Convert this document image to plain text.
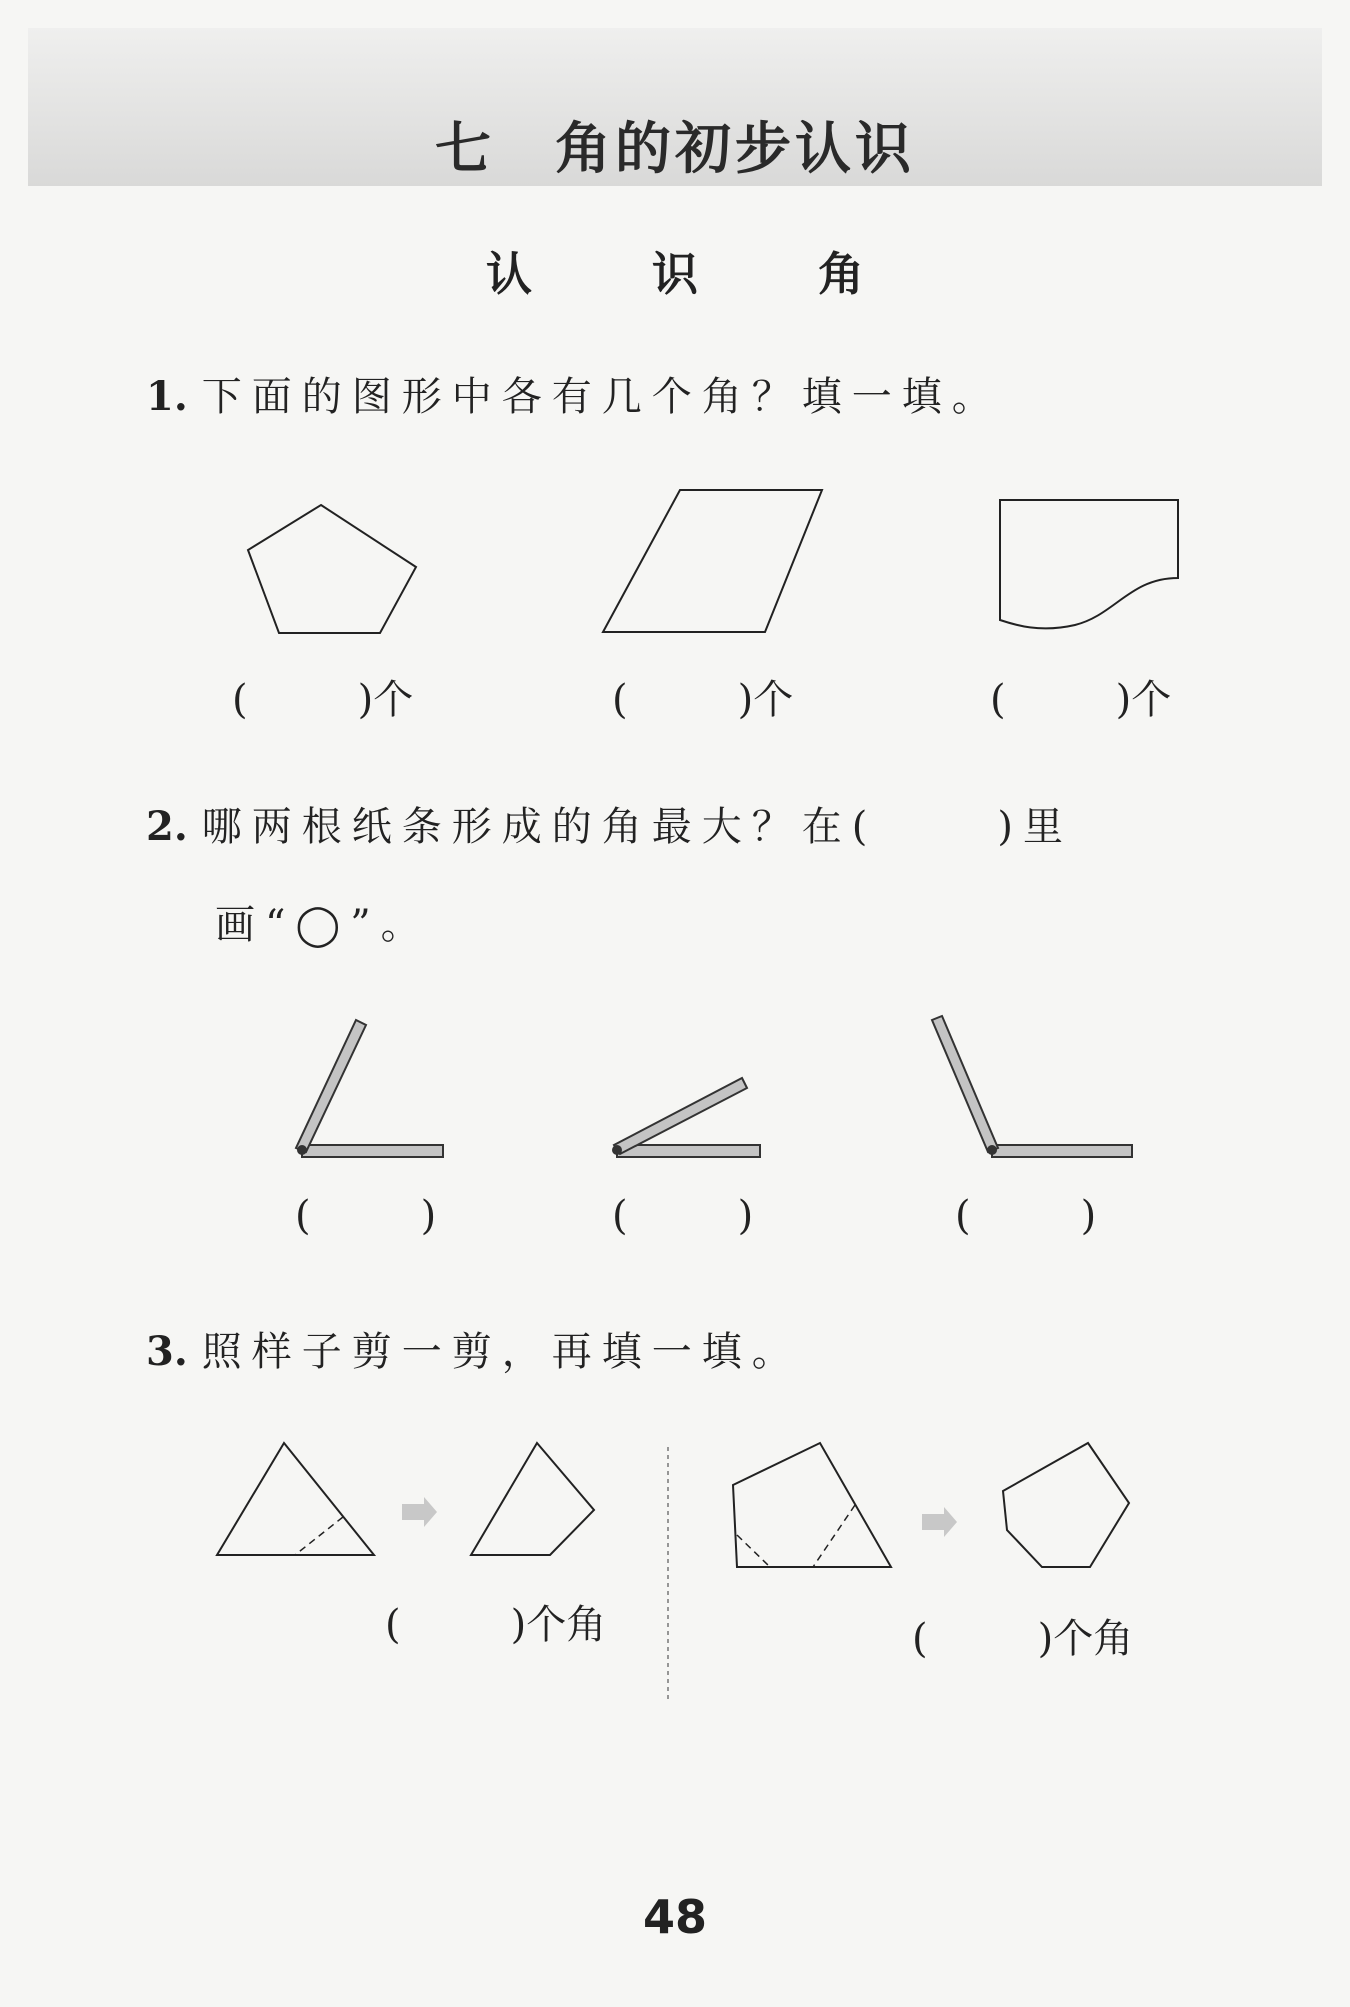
七 角的初步认识
认 识 角
1. 下面的图形中各有几个角？填一填。
(	)个	(	)个	(	)个
2. 哪两根纸条形成的角最大？在(	)里
画“◯”。
(	)	(	)	(	)
3. 照样子剪一剪，再填一填。
(	)个角	(	)个角
48
